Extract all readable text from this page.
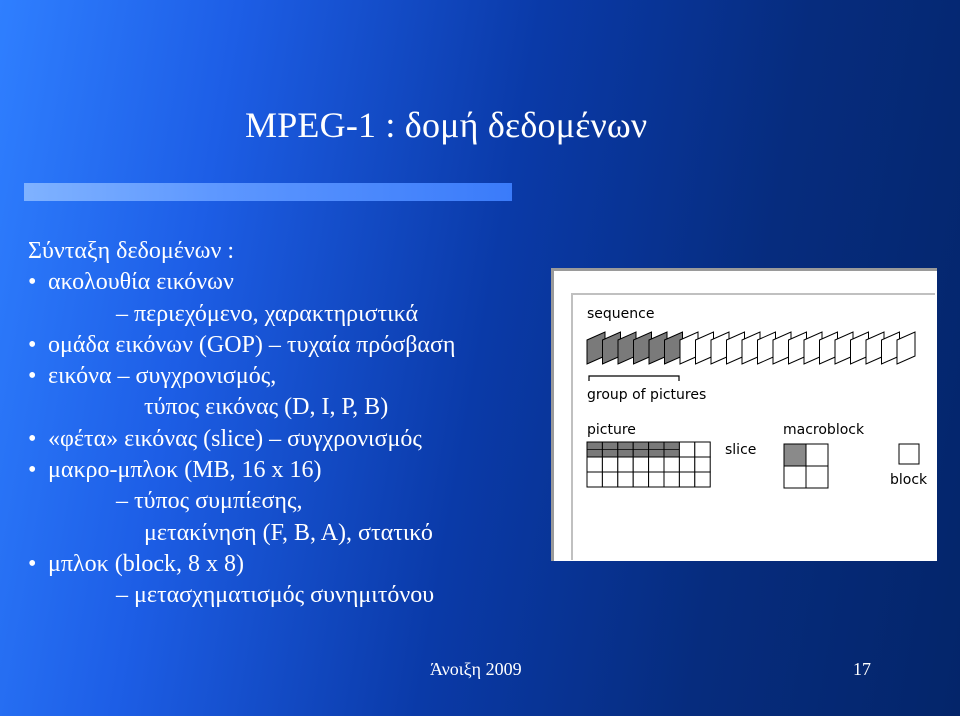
MPEG-1 : δομή δεδομένων
Σύνταξη δεδομένων :
• ακολουθία εικόνων
– περιεχόμενο, χαρακτηριστικά
• ομάδα εικόνων (GOP) – τυχαία πρόσβαση
• εικόνα – συγχρονισμός,
τύπος εικόνας (D, I, P, B)
• «φέτα» εικόνας (slice) – συγχρονισμός
• μακρο-μπλοκ (MB, 16 x 16)
– τύπος συμπίεσης,
μετακίνηση (F, B, A), στατικό
• μπλοκ (block, 8 x 8)
– μετασχηματισμός συνημιτόνου
sequence
group of pictures
picture
slice
macroblock
block
Άνοιξη 2009	17
